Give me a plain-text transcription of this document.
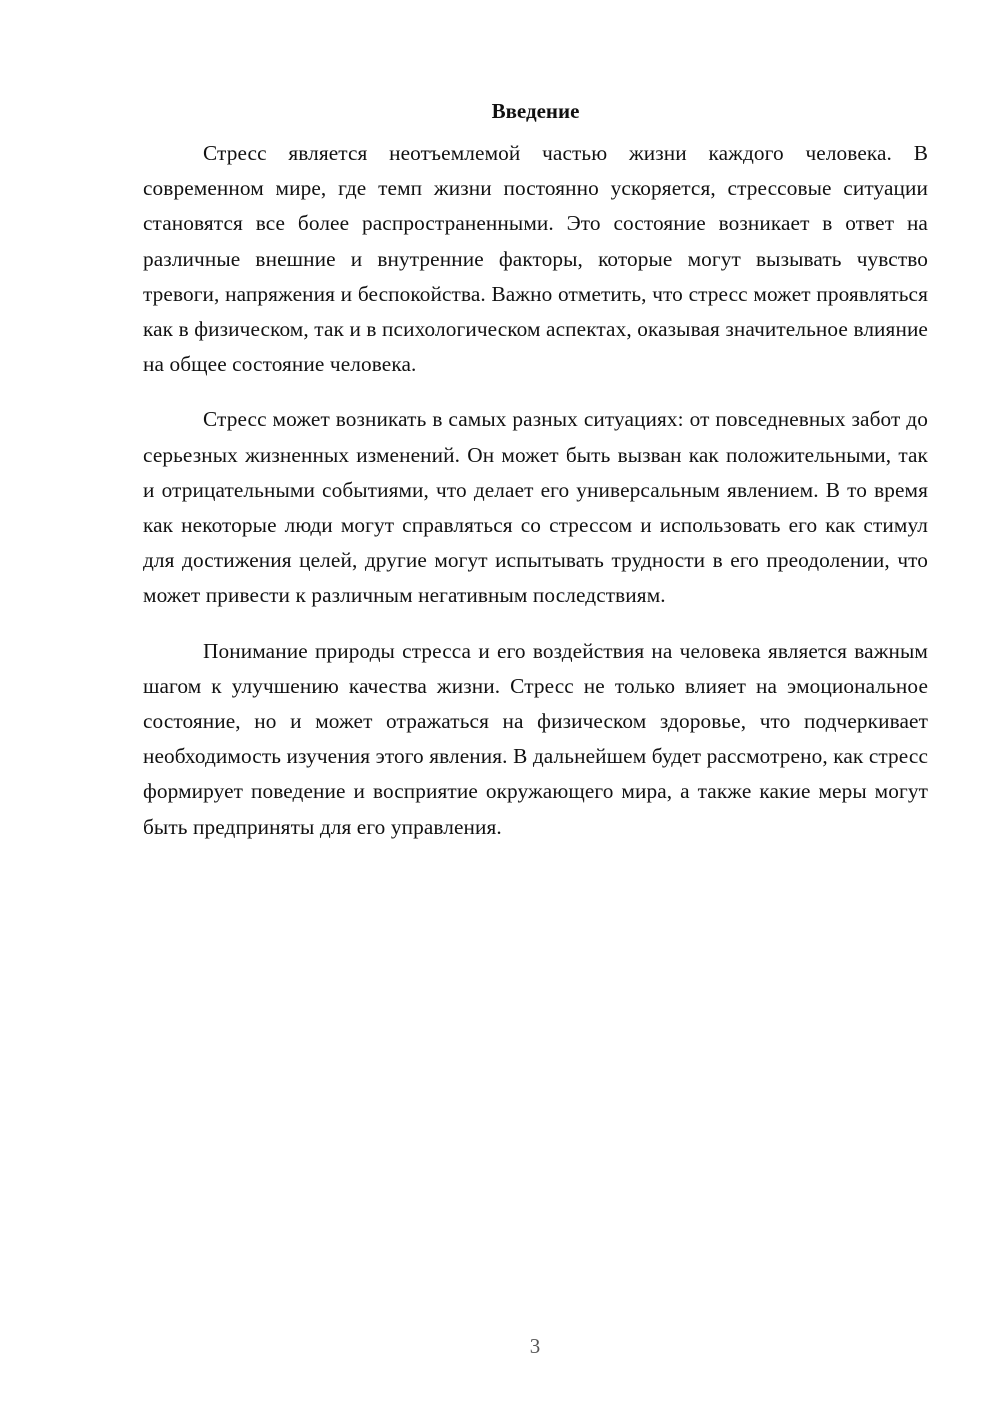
Введение

Стресс является неотъемлемой частью жизни каждого человека. В современном мире, где темп жизни постоянно ускоряется, стрессовые ситуации становятся все более распространенными. Это состояние возникает в ответ на различные внешние и внутренние факторы, которые могут вызывать чувство тревоги, напряжения и беспокойства. Важно отметить, что стресс может проявляться как в физическом, так и в психологическом аспектах, оказывая значительное влияние на общее состояние человека.

Стресс может возникать в самых разных ситуациях: от повседневных забот до серьезных жизненных изменений. Он может быть вызван как положительными, так и отрицательными событиями, что делает его универсальным явлением. В то время как некоторые люди могут справляться со стрессом и использовать его как стимул для достижения целей, другие могут испытывать трудности в его преодолении, что может привести к различным негативным последствиям.

Понимание природы стресса и его воздействия на человека является важным шагом к улучшению качества жизни. Стресс не только влияет на эмоциональное состояние, но и может отражаться на физическом здоровье, что подчеркивает необходимость изучения этого явления. В дальнейшем будет рассмотрено, как стресс формирует поведение и восприятие окружающего мира, а также какие меры могут быть предприняты для его управления.

3
